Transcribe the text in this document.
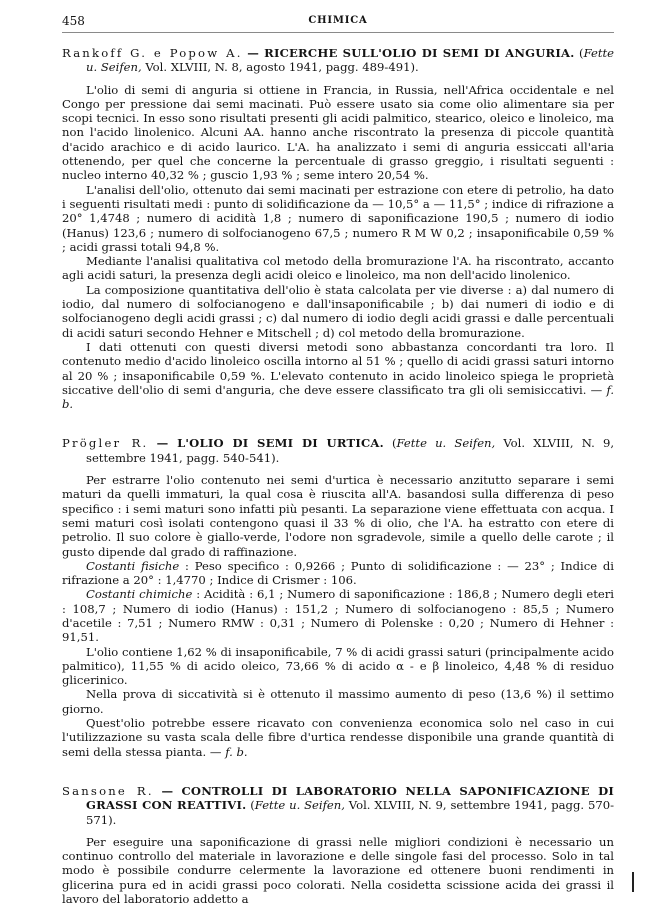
458	CHIMICA

Rankoff G. e Popow A. — RICERCHE SULL'OLIO DI SEMI DI ANGURIA. (Fette u. Seifen, Vol. XLVIII, N. 8, agosto 1941, pagg. 489-491).

L'olio di semi di anguria si ottiene in Francia, in Russia, nell'Africa occidentale e nel Congo per pressione dai semi macinati. Può essere usato sia come olio alimentare sia per scopi tecnici. In esso sono risultati presenti gli acidi palmitico, stearico, oleico e linoleico, ma non l'acido linolenico. Alcuni AA. hanno anche riscontrato la presenza di piccole quantità d'acido arachico e di acido laurico. L'A. ha analizzato i semi di anguria essiccati all'aria ottenendo, per quel che concerne la percentuale di grasso greggio, i risultati seguenti : nucleo interno 40,32 % ; guscio 1,93 % ; seme intero 20,54 %.

L'analisi dell'olio, ottenuto dai semi macinati per estrazione con etere di petrolio, ha dato i seguenti risultati medi : punto di solidificazione da — 10,5° a — 11,5° ; indice di rifrazione a 20° 1,4748 ; numero di acidità 1,8 ; numero di saponificazione 190,5 ; numero di iodio (Hanus) 123,6 ; numero di solfocianogeno 67,5 ; numero R M W 0,2 ; insaponificabile 0,59 % ; acidi grassi totali 94,8 %.

Mediante l'analisi qualitativa col metodo della bromurazione l'A. ha riscontrato, accanto agli acidi saturi, la presenza degli acidi oleico e linoleico, ma non dell'acido linolenico.

La composizione quantitativa dell'olio è stata calcolata per vie diverse : a) dal numero di iodio, dal numero di solfocianogeno e dall'insaponificabile ; b) dai numeri di iodio e di solfocianogeno degli acidi grassi ; c) dal numero di iodio degli acidi grassi e dalle percentuali di acidi saturi secondo Hehner e Mitschell ; d) col metodo della bromurazione.

I dati ottenuti con questi diversi metodi sono abbastanza concordanti tra loro. Il contenuto medio d'acido linoleico oscilla intorno al 51 % ; quello di acidi grassi saturi intorno al 20 % ; insaponificabile 0,59 %. L'elevato contenuto in acido linoleico spiega le proprietà siccative dell'olio di semi d'anguria, che deve essere classificato tra gli oli semisiccativi. — f. b.

Prögler R. — L'OLIO DI SEMI DI URTICA. (Fette u. Seifen, Vol. XLVIII, N. 9, settembre 1941, pagg. 540-541).

Per estrarre l'olio contenuto nei semi d'urtica è necessario anzitutto separare i semi maturi da quelli immaturi, la qual cosa è riuscita all'A. basandosi sulla differenza di peso specifico : i semi maturi sono infatti più pesanti. La separazione viene effettuata con acqua. I semi maturi così isolati contengono quasi il 33 % di olio, che l'A. ha estratto con etere di petrolio. Il suo colore è giallo-verde, l'odore non sgradevole, simile a quello delle carote ; il gusto dipende dal grado di raffinazione.

Costanti fisiche : Peso specifico : 0,9266 ; Punto di solidificazione : — 23° ; Indice di rifrazione a 20° : 1,4770 ; Indice di Crismer : 106.

Costanti chimiche : Acidità : 6,1 ; Numero di saponificazione : 186,8 ; Numero degli eteri : 108,7 ; Numero di iodio (Hanus) : 151,2 ; Numero di solfocianogeno : 85,5 ; Numero d'acetile : 7,51 ; Numero RMW : 0,31 ; Numero di Polenske : 0,20 ; Numero di Hehner : 91,51.

L'olio contiene 1,62 % di insaponificabile, 7 % di acidi grassi saturi (principalmente acido palmitico), 11,55 % di acido oleico, 73,66 % di acido α - e β linoleico, 4,48 % di residuo glicerinico.

Nella prova di siccatività si è ottenuto il massimo aumento di peso (13,6 %) il settimo giorno.

Quest'olio potrebbe essere ricavato con convenienza economica solo nel caso in cui l'utilizzazione su vasta scala delle fibre d'urtica rendesse disponibile una grande quantità di semi della stessa pianta. — f. b.

Sansone R. — CONTROLLI DI LABORATORIO NELLA SAPONIFICAZIONE DI GRASSI CON REATTIVI. (Fette u. Seifen, Vol. XLVIII, N. 9, settembre 1941, pagg. 570-571).

Per eseguire una saponificazione di grassi nelle migliori condizioni è necessario un continuo controllo del materiale in lavorazione e delle singole fasi del processo. Solo in tal modo è possibile condurre celermente la lavorazione ed ottenere buoni rendimenti in glicerina pura ed in acidi grassi poco colorati. Nella cosidetta scissione acida dei grassi il lavoro del laboratorio addetto a
